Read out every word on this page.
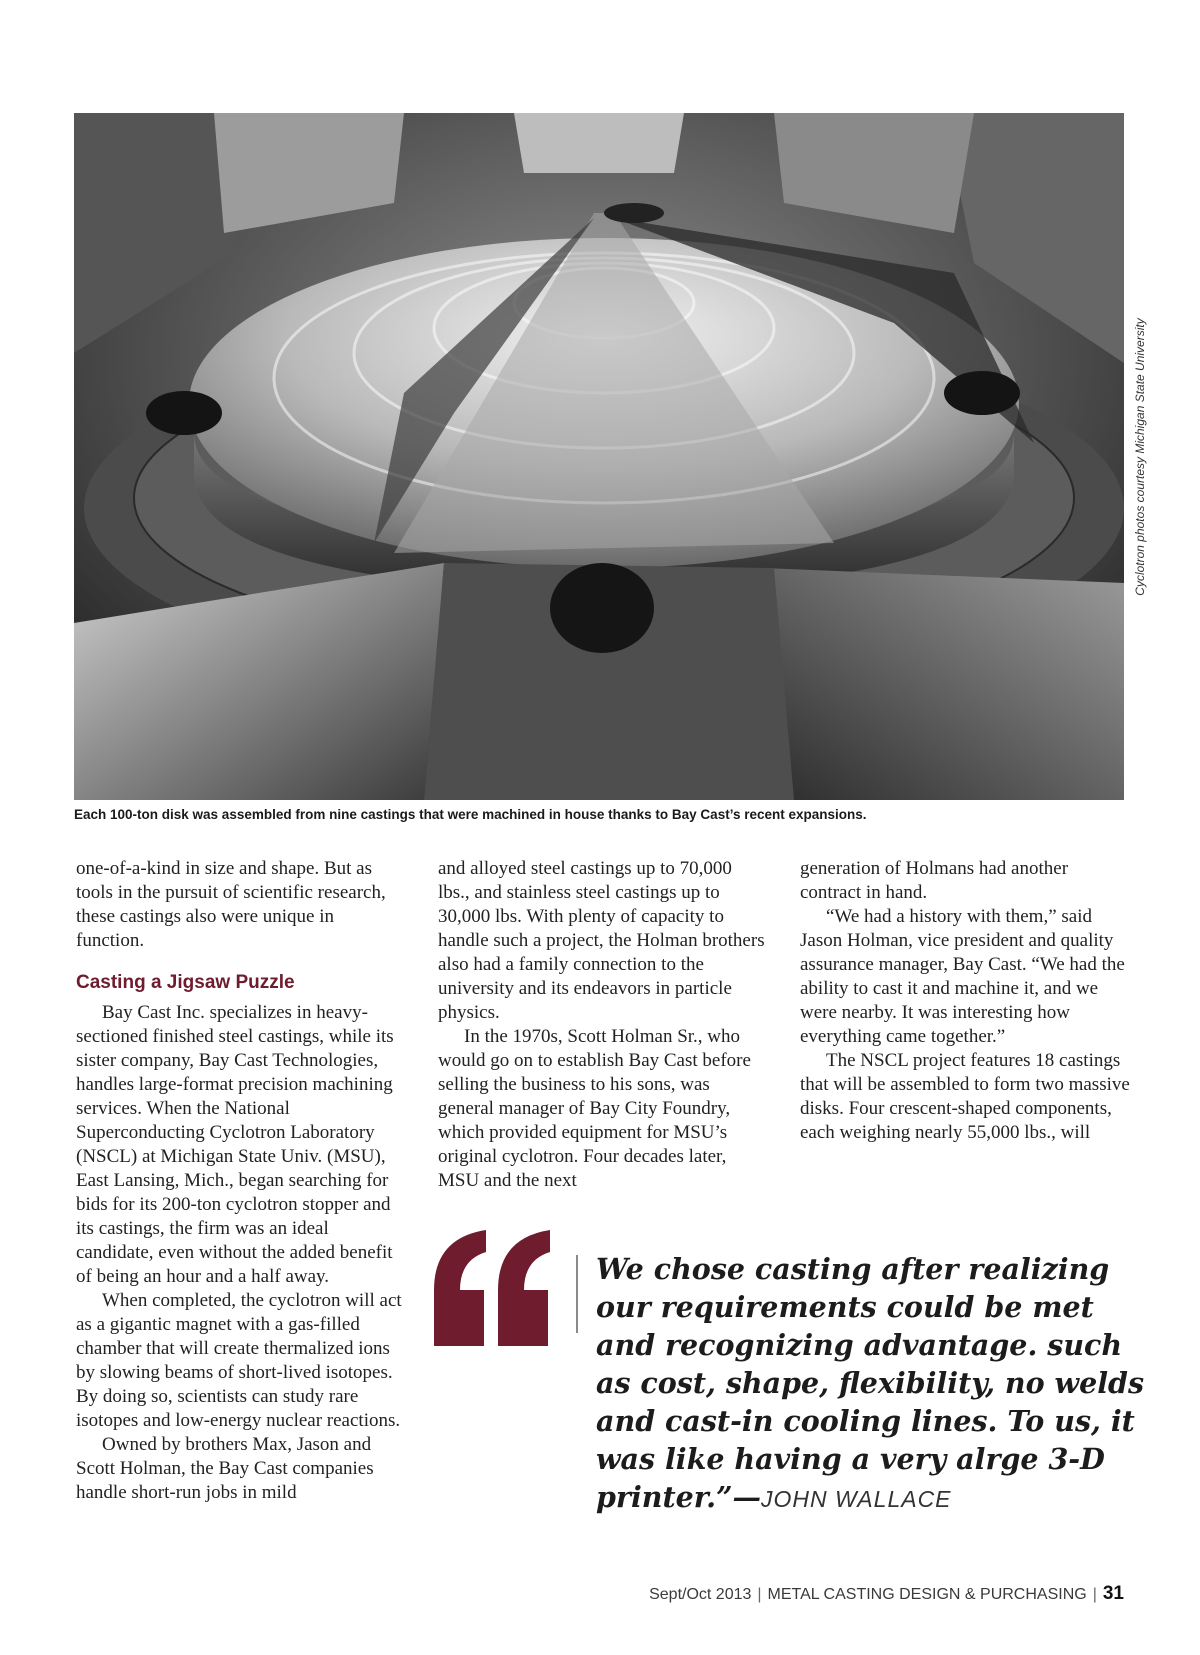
Cyclotron photos courtesy Michigan State University
Each 100-ton disk was assembled from nine castings that were machined in house thanks to Bay Cast’s recent expansions.

one-of-a-kind in size and shape. But as tools in the pursuit of scientific research, these castings also were unique in function.

Casting a Jigsaw Puzzle

Bay Cast Inc. specializes in heavy-sectioned finished steel castings, while its sister company, Bay Cast Technologies, handles large-format precision machining services. When the National Superconducting Cyclotron Laboratory (NSCL) at Michigan State Univ. (MSU), East Lansing, Mich., began searching for bids for its 200-ton cyclotron stopper and its castings, the firm was an ideal candidate, even without the added benefit of being an hour and a half away.

When completed, the cyclotron will act as a gigantic magnet with a gas-filled chamber that will create thermalized ions by slowing beams of short-lived isotopes. By doing so, scientists can study rare isotopes and low-energy nuclear reactions.

Owned by brothers Max, Jason and Scott Holman, the Bay Cast companies handle short-run jobs in mild

and alloyed steel castings up to 70,000 lbs., and stainless steel castings up to 30,000 lbs. With plenty of capacity to handle such a project, the Holman brothers also had a family connection to the university and its endeavors in particle physics.

In the 1970s, Scott Holman Sr., who would go on to establish Bay Cast before selling the business to his sons, was general manager of Bay City Foundry, which provided equipment for MSU’s original cyclotron. Four decades later, MSU and the next

generation of Holmans had another contract in hand.

“We had a history with them,” said Jason Holman, vice president and quality assurance manager, Bay Cast. “We had the ability to cast it and machine it, and we were nearby. It was interesting how everything came together.”

The NSCL project features 18 castings that will be assembled to form two massive disks. Four crescent-shaped components, each weighing nearly 55,000 lbs., will

We chose casting after realizing our requirements could be met and recognizing advantage. such as cost, shape, flexibility, no welds and cast-in cooling lines. To us, it was like having a very alrge 3-D printer.”—JOHN WALLACE
Sept/Oct 2013 | METAL CASTING DESIGN & PURCHASING | 31
